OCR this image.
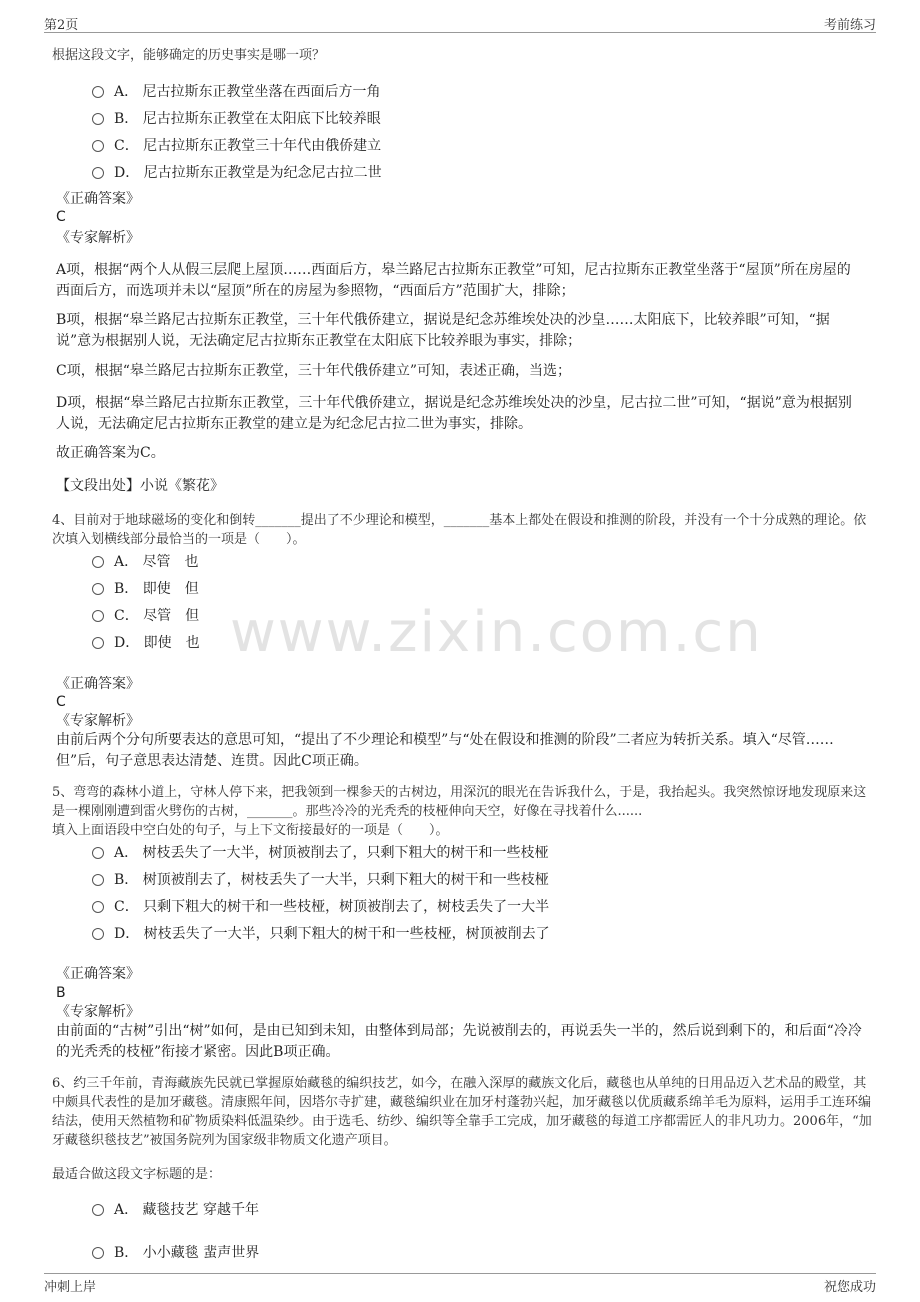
第2页	考前练习
www.zixin.com.cn
根据这段文字，能够确定的历史事实是哪一项？
A． 尼古拉斯东正教堂坐落在西面后方一角
B． 尼古拉斯东正教堂在太阳底下比较养眼
C． 尼古拉斯东正教堂三十年代由俄侨建立
D． 尼古拉斯东正教堂是为纪念尼古拉二世
《正确答案》
C
《专家解析》
A项，根据“两个人从假三层爬上屋顶……西面后方，皋兰路尼古拉斯东正教堂”可知，尼古拉斯东正教堂坐落于“屋顶”所在房屋的西面后方，而选项并未以“屋顶”所在的房屋为参照物，“西面后方”范围扩大，排除；
B项，根据“皋兰路尼古拉斯东正教堂，三十年代俄侨建立，据说是纪念苏维埃处决的沙皇……太阳底下，比较养眼”可知，“据说”意为根据别人说，无法确定尼古拉斯东正教堂在太阳底下比较养眼为事实，排除；
C项，根据“皋兰路尼古拉斯东正教堂，三十年代俄侨建立”可知，表述正确，当选；
D项，根据“皋兰路尼古拉斯东正教堂，三十年代俄侨建立，据说是纪念苏维埃处决的沙皇，尼古拉二世”可知，“据说”意为根据别人说，无法确定尼古拉斯东正教堂的建立是为纪念尼古拉二世为事实，排除。
故正确答案为C。
【文段出处】小说《繁花》
4、目前对于地球磁场的变化和倒转_______提出了不少理论和模型，_______基本上都处在假设和推测的阶段，并没有一个十分成熟的理论。依次填入划横线部分最恰当的一项是（　　）。
A． 尽管　也
B． 即使　但
C． 尽管　但
D． 即使　也
《正确答案》
C
《专家解析》
由前后两个分句所要表达的意思可知，“提出了不少理论和模型”与“处在假设和推测的阶段”二者应为转折关系。填入“尽管……但”后，句子意思表达清楚、连贯。因此C项正确。
5、弯弯的森林小道上，守林人停下来，把我领到一棵参天的古树边，用深沉的眼光在告诉我什么，于是，我抬起头。我突然惊讶地发现原来这是一棵刚刚遭到雷火劈伤的古树，_______。那些冷冷的光秃秃的枝桠伸向天空，好像在寻找着什么......
填入上面语段中空白处的句子，与上下文衔接最好的一项是（　　）。
A． 树枝丢失了一大半，树顶被削去了，只剩下粗大的树干和一些枝桠
B． 树顶被削去了，树枝丢失了一大半，只剩下粗大的树干和一些枝桠
C． 只剩下粗大的树干和一些枝桠，树顶被削去了，树枝丢失了一大半
D． 树枝丢失了一大半，只剩下粗大的树干和一些枝桠，树顶被削去了
《正确答案》
B
《专家解析》
由前面的“古树”引出“树”如何，是由已知到未知，由整体到局部；先说被削去的，再说丢失一半的，然后说到剩下的，和后面“冷冷的光秃秃的枝桠”衔接才紧密。因此B项正确。
6、约三千年前，青海藏族先民就已掌握原始藏毯的编织技艺，如今，在融入深厚的藏族文化后，藏毯也从单纯的日用品迈入艺术品的殿堂，其中颇具代表性的是加牙藏毯。清康熙年间，因塔尔寺扩建，藏毯编织业在加牙村蓬勃兴起，加牙藏毯以优质藏系绵羊毛为原料，运用手工连环编结法，使用天然植物和矿物质染料低温染纱。由于选毛、纺纱、编织等全靠手工完成，加牙藏毯的每道工序都需匠人的非凡功力。2006年，“加牙藏毯织毯技艺”被国务院列为国家级非物质文化遗产项目。
最适合做这段文字标题的是：
A． 藏毯技艺 穿越千年
B． 小小藏毯 蜚声世界
冲刺上岸	祝您成功
